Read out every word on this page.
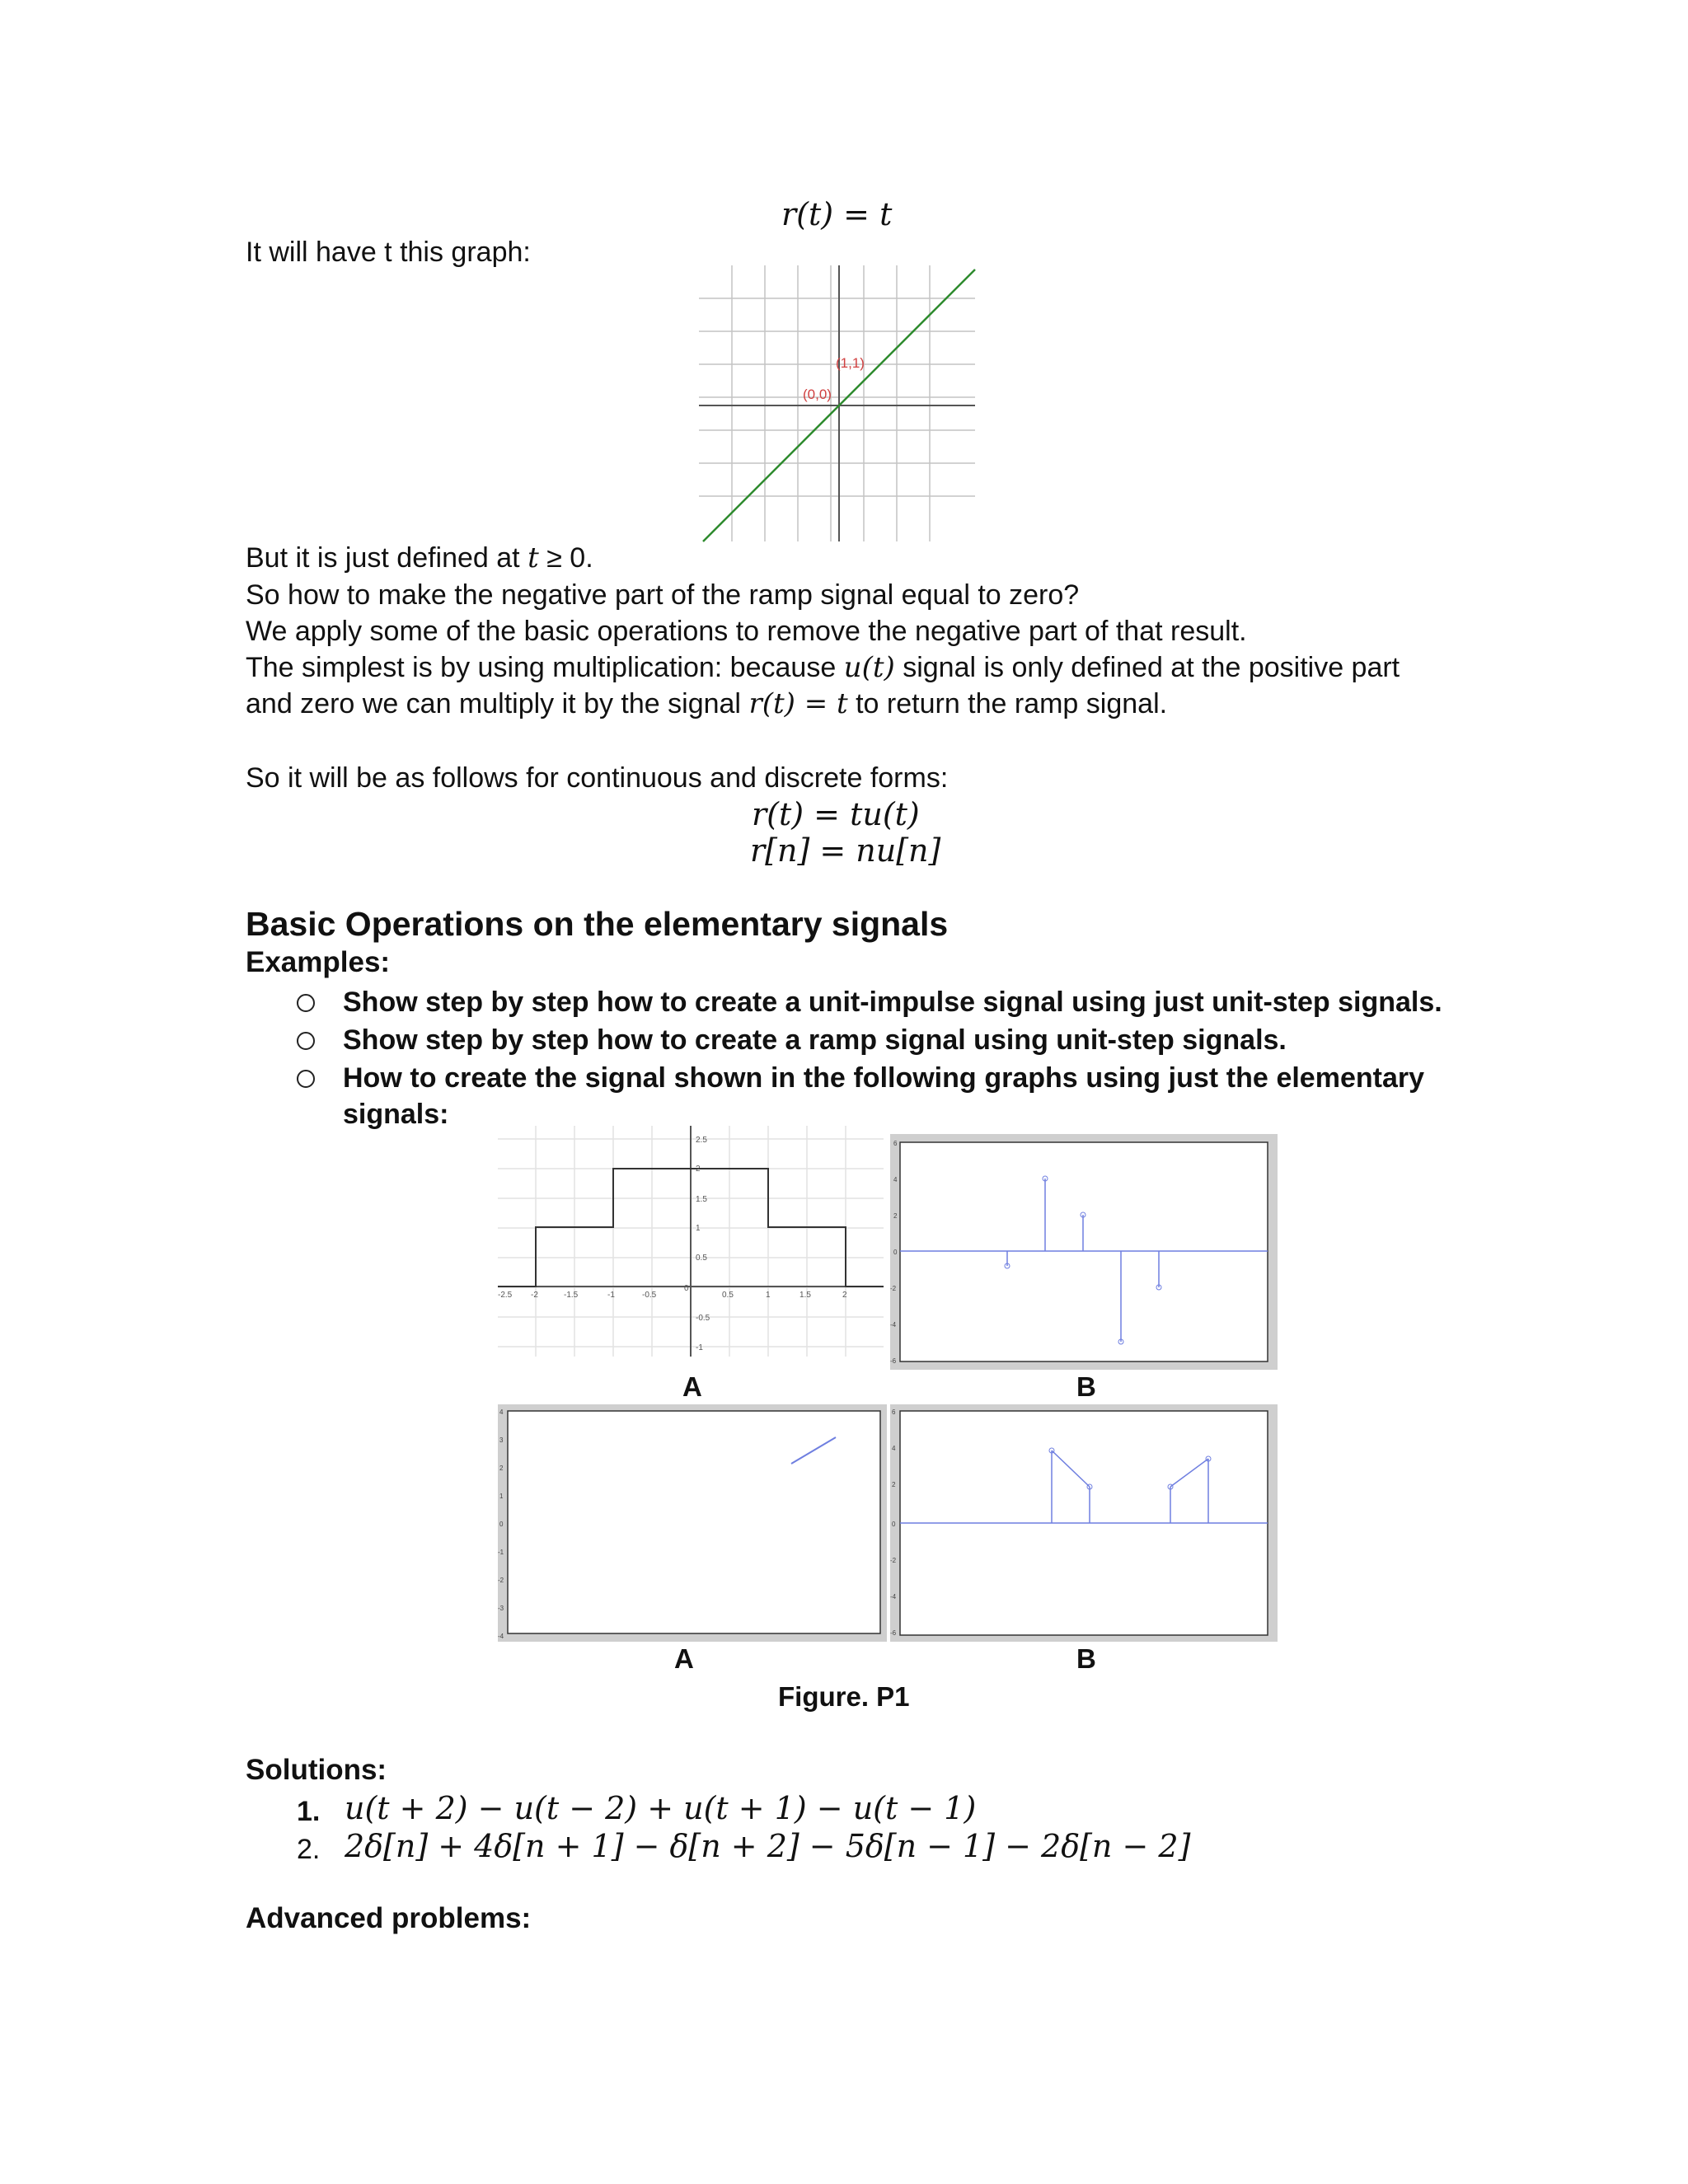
r(t) = t
It will have t this graph:
(0,0)
(1,1)
But it is just defined at t ≥ 0.
So how to make the negative part of the ramp signal equal to zero?
We apply some of the basic operations to remove the negative part of that result.
The simplest is by using multiplication: because u(t) signal is only defined at the positive part
and zero we can multiply it by the signal r(t) = t to return the ramp signal.
So it will be as follows for continuous and discrete forms:
r(t) = tu(t)
r[n] = nu[n]
Basic Operations on the elementary signals
Examples:
Show step by step how to create a unit-impulse signal using just unit-step signals.
Show step by step how to create a ramp signal using unit-step signals.
How to create the signal shown in the following graphs using just the elementary
signals:
-2.5 -2	-1.5	-1	-0.5
0
0.5	1	1.5	2
2.5
2
1.5
1
0.5
-0.5
-1
6
4
2
0
-2
-4
-6
A	B
4
3
2
1
0
-1
-2
-3
-4
6
4
2
0
-2
-4
-6
A	B
Figure. P1
Solutions:
1. u(t + 2) − u(t − 2) + u(t + 1) − u(t − 1)
2. 2δ[n] + 4δ[n + 1] − δ[n + 2] − 5δ[n − 1] − 2δ[n − 2]
Advanced problems:
